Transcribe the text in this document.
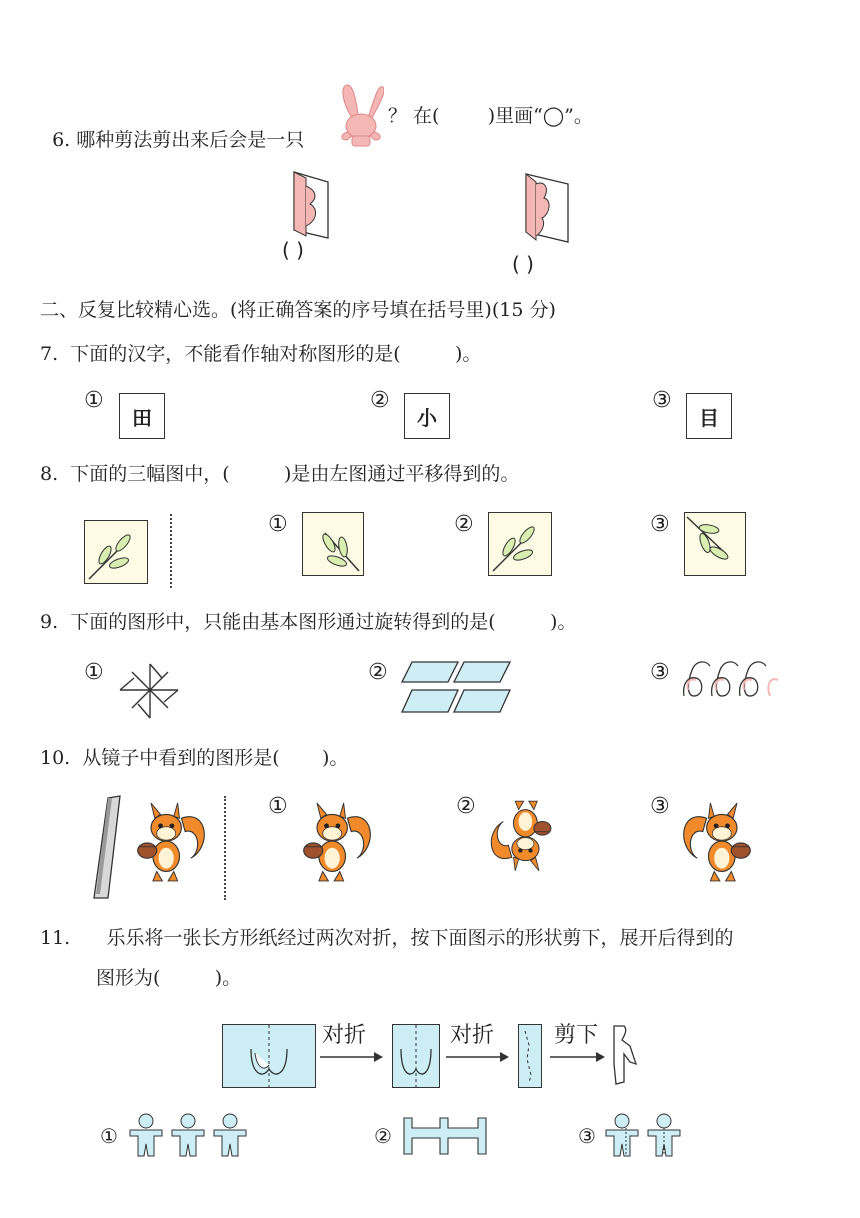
6. 哪种剪法剪出来后会是一只

？ 在(        )里画“◯”。
( )
( )
二、反复比较精心选。(将正确答案的序号填在括号里)(15 分)
7.  下面的汉字，不能看作轴对称图形的是(         )。
①
田
②
小
③
目
8.  下面的三幅图中，(         )是由左图通过平移得到的。
①	②	③
9.  下面的图形中，只能由基本图形通过旋转得到的是(         )。
①	②	③
10.  从镜子中看到的图形是(       )。
①	②	③
11.      乐乐将一张长方形纸经过两次对折，按下面图示的形状剪下，展开后得到的
图形为(         )。
对折	对折	剪下
①	②	③
